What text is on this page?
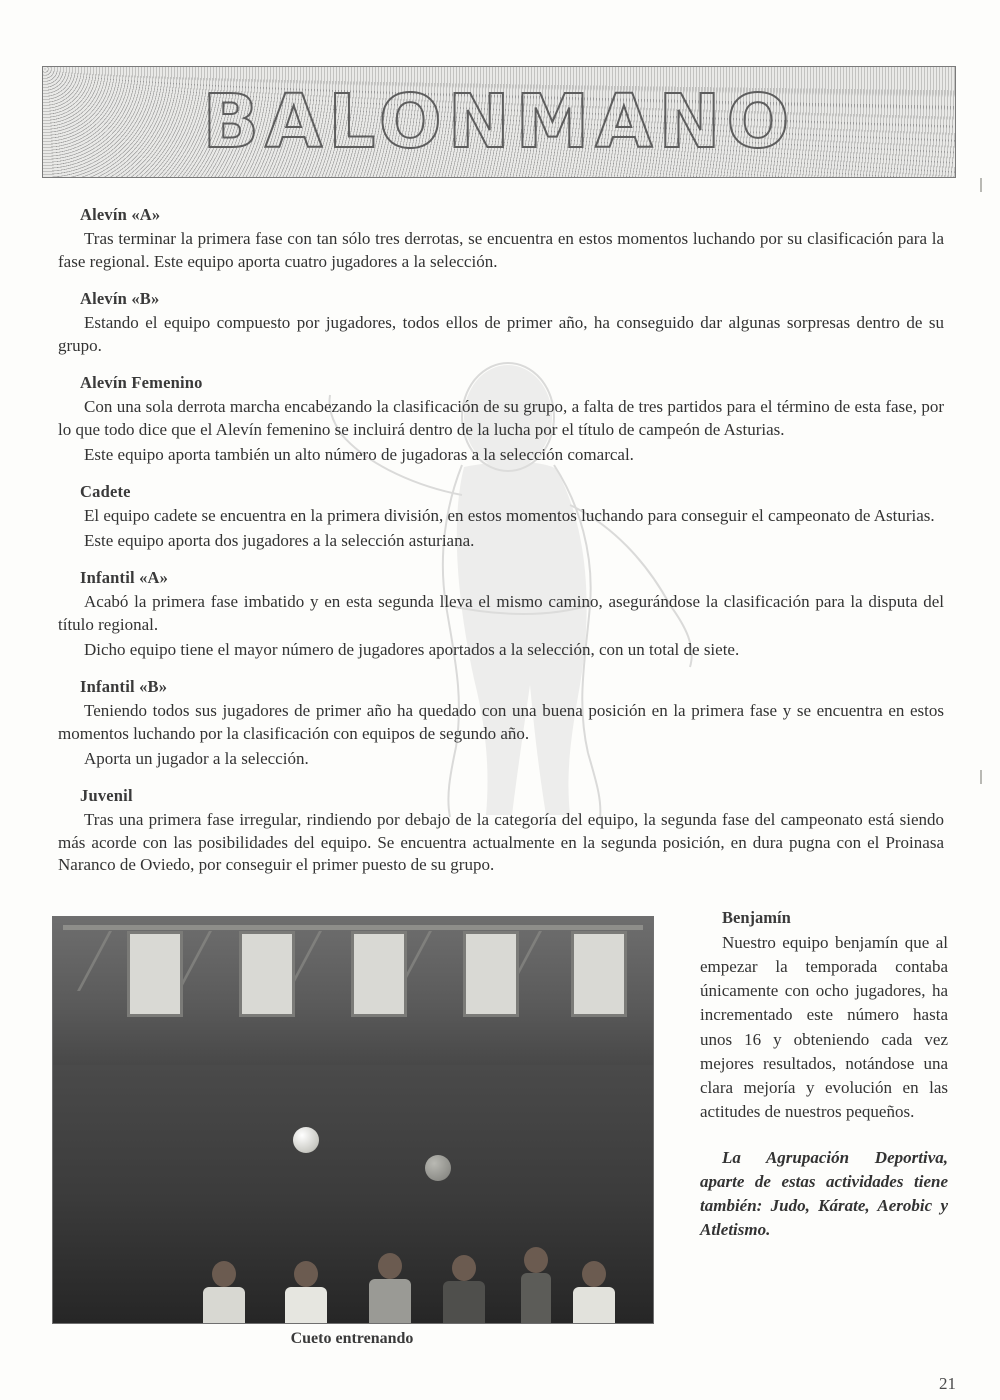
BALONMANO
Alevín «A»

Tras terminar la primera fase con tan sólo tres derrotas, se encuentra en estos momentos luchando por su clasificación para la fase regional. Este equipo aporta cuatro jugadores a la selección.

Alevín «B»

Estando el equipo compuesto por jugadores, todos ellos de primer año, ha conseguido dar algunas sorpresas dentro de su grupo.

Alevín Femenino

Con una sola derrota marcha encabezando la clasificación de su grupo, a falta de tres partidos para el término de esta fase, por lo que todo dice que el Alevín femenino se incluirá dentro de la lucha por el título de campeón de Asturias.

Este equipo aporta también un alto número de jugadoras a la selección comarcal.

Cadete

El equipo cadete se encuentra en la primera división, en estos momentos luchando para conseguir el campeonato de Asturias.

Este equipo aporta dos jugadores a la selección asturiana.

Infantil «A»

Acabó la primera fase imbatido y en esta segunda lleva el mismo camino, asegurándose la clasificación para la disputa del título regional.

Dicho equipo tiene el mayor número de jugadores aportados a la selección, con un total de siete.

Infantil «B»

Teniendo todos sus jugadores de primer año ha quedado con una buena posición en la primera fase y se encuentra en estos momentos luchando por la clasificación con equipos de segundo año.

Aporta un jugador a la selección.

Juvenil

Tras una primera fase irregular, rindiendo por debajo de la categoría del equipo, la segunda fase del campeonato está siendo más acorde con las posibilidades del equipo. Se encuentra actualmente en la segunda posición, en dura pugna con el Proinasa Naranco de Oviedo, por conseguir el primer puesto de su grupo.

Cueto entrenando
Benjamín

Nuestro equipo benjamín que al empezar la temporada contaba únicamente con ocho jugadores, ha incrementado este número hasta unos 16 y obteniendo cada vez mejores resultados, notándose una clara mejoría y evolución en las actitudes de nuestros pequeños.

La Agrupación Deportiva, aparte de estas actividades tiene también: Judo, Kárate, Aerobic y Atletismo.

21
